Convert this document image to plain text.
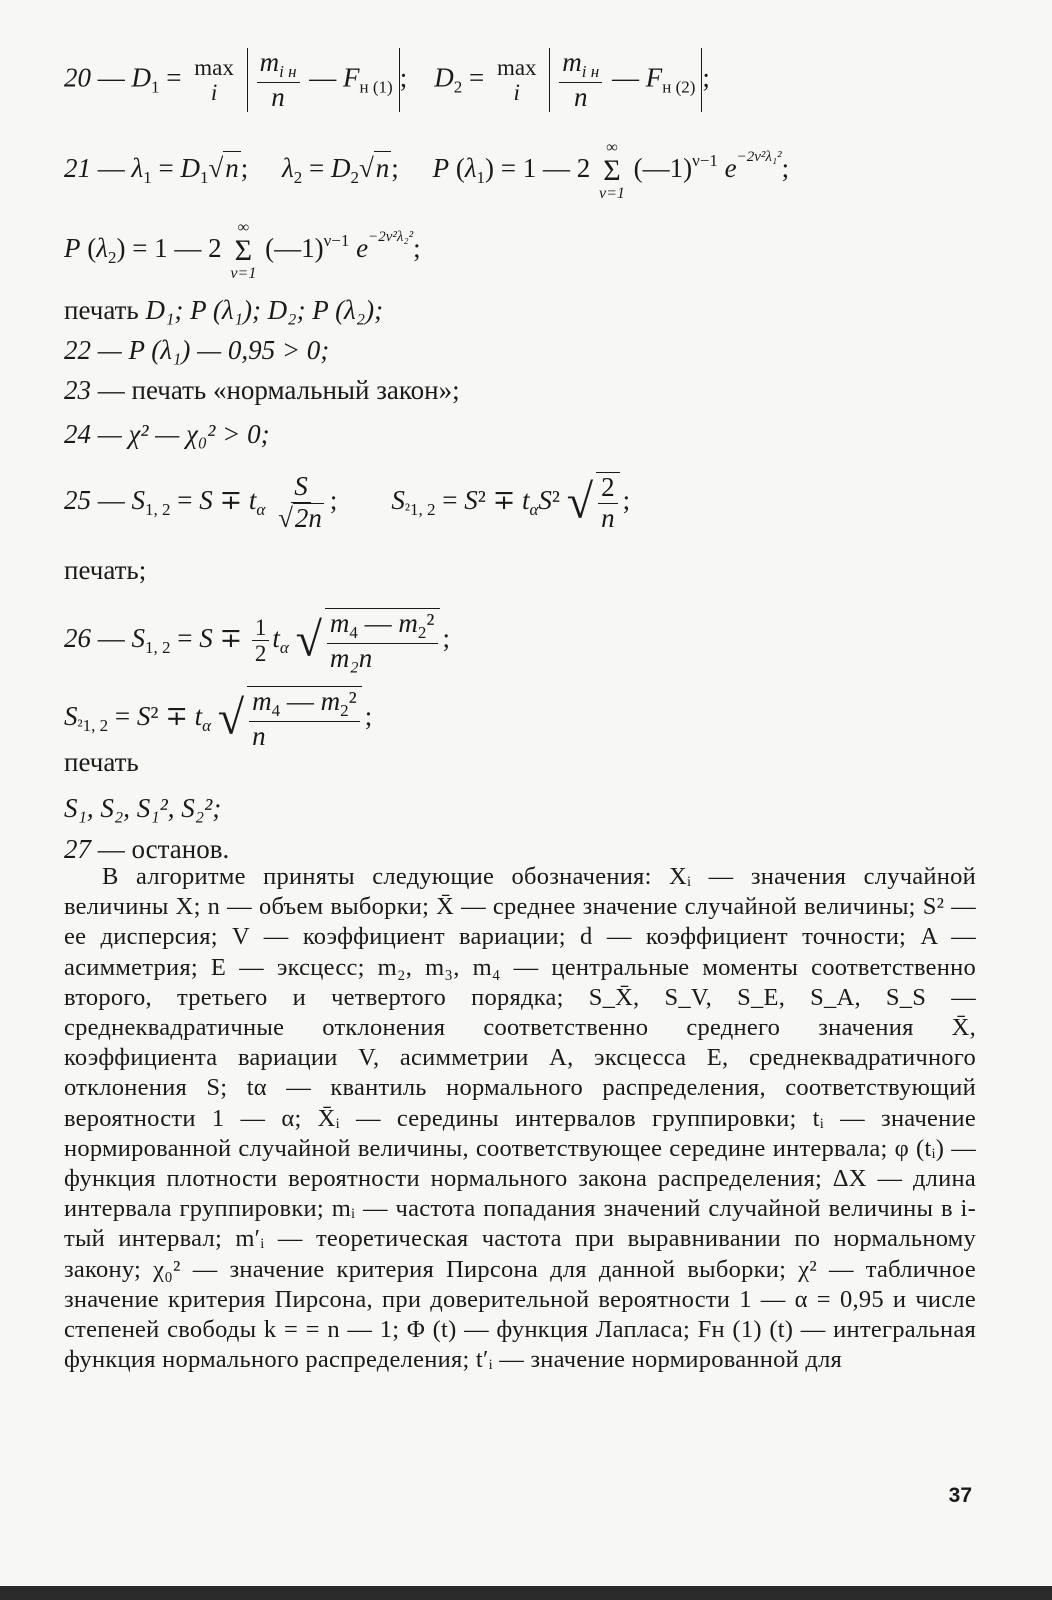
20 — $D_1 = \max$
i
$\frac{m_{i н}}{n}$ — $F_{н (1)}$ ;    $D_2 = \max$
i
$\frac{m_{i н}}{n}$ — $F_{н (2)}$ ;
21 — $\lambda_1 = D_1√n$;     $\lambda_2 = D_2√n$;     P $(\lambda_1) = 1$ — 2
∞
Σ
ν=1
(—1)$^{\nu-1}$ $e^{-2\nu^2\lambda_1^2}$;
P $(\lambda_2) = 1$ — 2
∞
Σ
ν=1
(—1)$^{\nu-1}$ $e^{-2\nu^2\lambda_2^2}$;
печать D₁; P (λ₁); D₂; P (λ₂);
22 — P (λ₁) — 0,95 > 0;
23 — печать «нормальный закон»;
24 — χ² — χ₀² > 0;
25 — $S_{1, 2} = S \mp t_\alpha \frac{S}{√2n}$ ;        $S_{^21, 2} = S^2 \mp t_\alpha S^2$ √ $\frac{2}{n}$ ;
печать;
26 — $S_{1, 2} = S \mp \frac{1}{2} t_\alpha$ √ $\frac{m_4 — m_2^2}{\text{m₂n}}$ ;
$S_{^21, 2} = S^2 \mp t_\alpha$ √ $\frac{m_4 — m_2^2}{n}$ ;
печать
S₁, S₂, S₁², S₂²;
27 — останов.

В алгоритме приняты следующие обозначения: Xᵢ — значения случайной величины X; n — объем выборки; X̄ — среднее значение случайной величины; S² — ее дисперсия; V — коэффициент вариации; d — коэффициент точности; A — асимметрия; E — эксцесс; m₂, m₃, m₄ — центральные моменты соответственно второго, третьего и четвертого порядка; S_X̄, S_V, S_E, S_A, S_S — среднеквадратичные отклонения соответственно среднего значения X̄, коэффициента вариации V, асимметрии A, эксцесса E, среднеквадратичного отклонения S; tα — квантиль нормального распределения, соответствующий вероятности 1 — α; X̄ᵢ — середины интервалов группировки; tᵢ — значение нормированной случайной величины, соответствующее середине интервала; φ (tᵢ) — функция плотности вероятности нормального закона распределения; ΔX — длина интервала группировки; mᵢ — частота попадания значений случайной величины в i-тый интервал; m′ᵢ — теоретическая частота при выравнивании по нормальному закону; χ₀² — значение критерия Пирсона для данной выборки; χ² — табличное значение критерия Пирсона, при доверительной вероятности 1 — α = 0,95 и числе степеней свободы k = = n — 1; Φ (t) — функция Лапласа; Fн (1) (t) — интегральная функция нормального распределения; t′ᵢ — значение нормированной для

37
